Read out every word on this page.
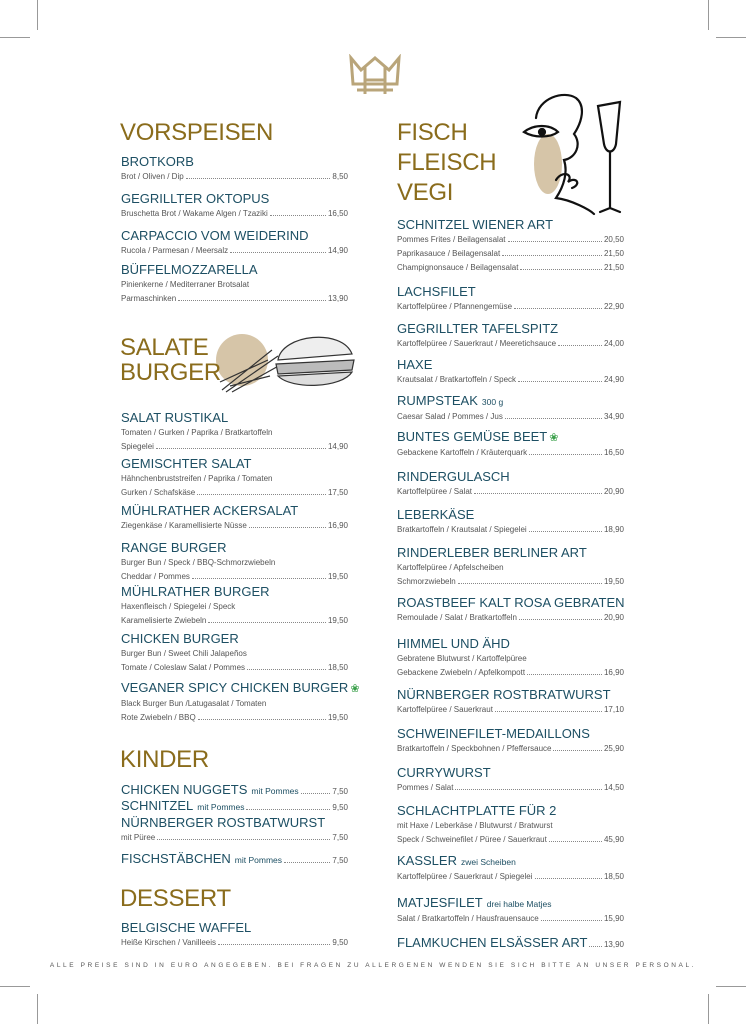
VORSPEISEN
SALATE
BURGER
KINDER
DESSERT
FISCH
FLEISCH
VEGI
BROTKORB
Brot / Oliven / Dip	8,50
GEGRILLTER OKTOPUS
Bruschetta Brot / Wakame Algen / Tzaziki	16,50
CARPACCIO VOM WEIDERIND
Rucola / Parmesan / Meersalz	14,90
BÜFFELMOZZARELLA
Pinienkerne / Mediterraner Brotsalat
Parmaschinken	13,90
SALAT RUSTIKAL
Tomaten / Gurken / Paprika / Bratkartoffeln
Spiegelei	14,90
GEMISCHTER SALAT
Hähnchenbruststreifen / Paprika / Tomaten
Gurken / Schafskäse	17,50
MÜHLRATHER ACKERSALAT
Ziegenkäse / Karamellisierte Nüsse	16,90
RANGE BURGER
Burger Bun / Speck / BBQ-Schmorzwiebeln
Cheddar / Pommes	19,50
MÜHLRATHER BURGER
Haxenfleisch / Spiegelei / Speck
Karamelisierte Zwiebeln	19,50
CHICKEN BURGER
Burger Bun / Sweet Chili Jalapeños
Tomate / Coleslaw Salat / Pommes	18,50
VEGANER SPICY CHICKEN BURGER ❀
Black Burger Bun /Latugasalat / Tomaten
Rote Zwiebeln / BBQ	19,50
CHICKEN NUGGETS mit Pommes	7,50
SCHNITZEL mit Pommes	9,50
NÜRNBERGER ROSTBATWURST
mit Püree	7,50
FISCHSTÄBCHEN mit Pommes	7,50
BELGISCHE WAFFEL
Heiße Kirschen / Vanilleeis	9,50
SCHNITZEL WIENER ART
Pommes Frites / Beilagensalat	20,50
Paprikasauce / Beilagensalat	21,50
Champignonsauce / Beilagensalat	21,50
LACHSFILET
Kartoffelpüree / Pfannengemüse	22,90
GEGRILLTER TAFELSPITZ
Kartoffelpüree / Sauerkraut / Meeretichsauce	24,00
HAXE
Krautsalat / Bratkartoffeln / Speck	24,90
RUMPSTEAK 300 g
Caesar Salad / Pommes / Jus	34,90
BUNTES GEMÜSE BEET ❀
Gebackene Kartoffeln / Kräuterquark	16,50
RINDERGULASCH
Kartoffelpüree / Salat	20,90
LEBERKÄSE
Bratkartoffeln / Krautsalat / Spiegelei	18,90
RINDERLEBER BERLINER ART
Kartoffelpüree / Apfelscheiben
Schmorzwiebeln	19,50
ROASTBEEF KALT ROSA GEBRATEN
Remoulade / Salat / Bratkartoffeln	20,90
HIMMEL UND ÄHD
Gebratene Blutwurst / Kartoffelpüree
Gebackene Zwiebeln / Apfelkompott	16,90
NÜRNBERGER ROSTBRATWURST
Kartoffelpüree / Sauerkraut	17,10
SCHWEINEFILET-MEDAILLONS
Bratkartoffeln / Speckbohnen / Pfeffersauce	25,90
CURRYWURST
Pommes / Salat	14,50
SCHLACHTPLATTE FÜR 2
mit Haxe / Leberkäse / Blutwurst / Bratwurst
Speck / Schweinefilet / Püree / Sauerkraut	45,90
KASSLER zwei Scheiben
Kartoffelpüree / Sauerkraut / Spiegelei	18,50
MATJESFILET drei halbe Matjes
Salat / Bratkartoffeln / Hausfrauensauce	15,90
FLAMKUCHEN ELSÄSSER ART 13,90
ALLE PREISE SIND IN EURO ANGEGEBEN. BEI FRAGEN ZU ALLERGENEN WENDEN SIE SICH BITTE AN UNSER PERSONAL.
